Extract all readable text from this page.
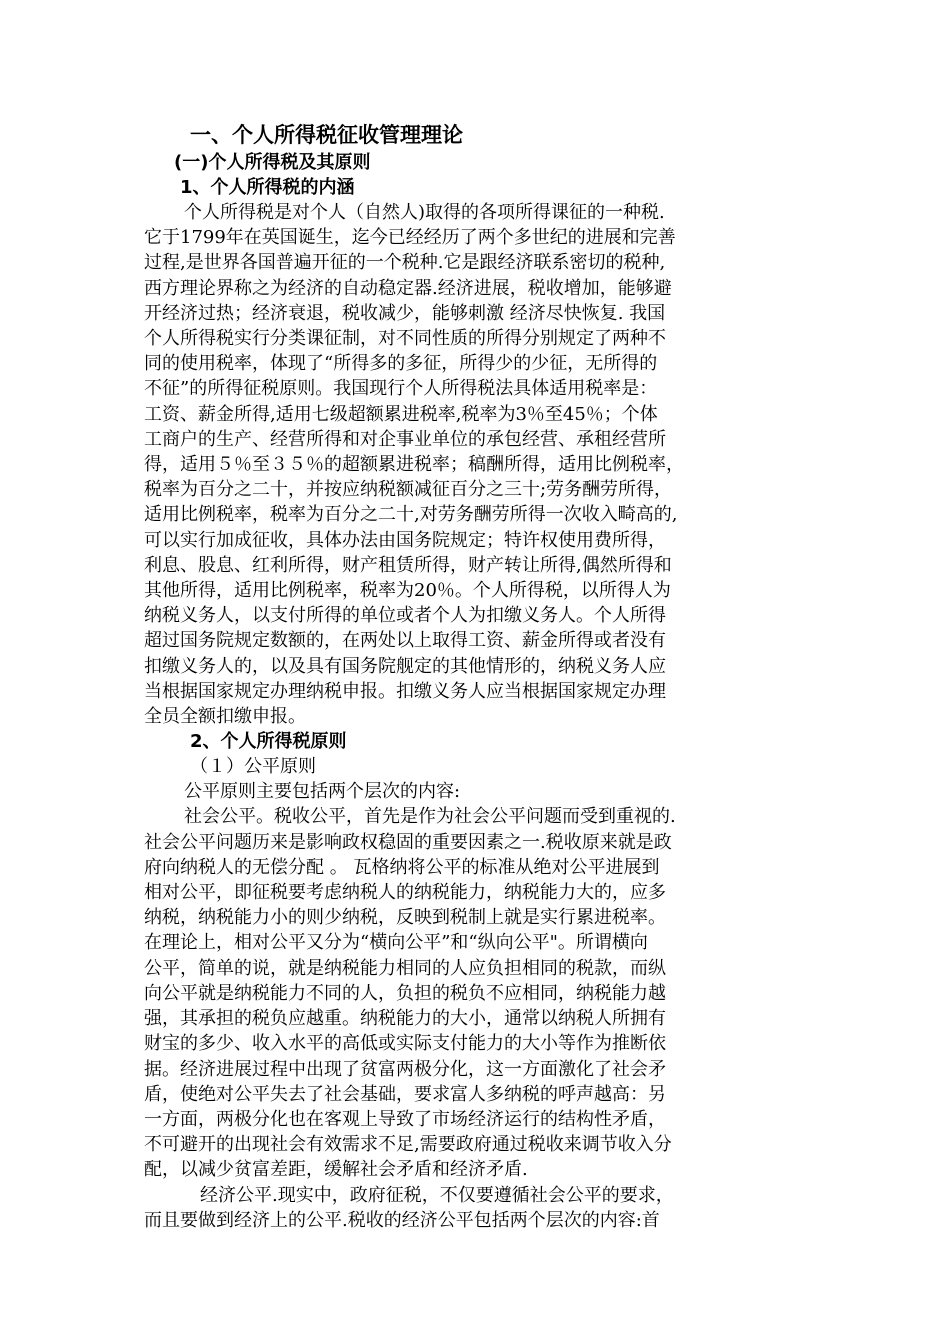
一、个人所得税征收管理理论
(一)个人所得税及其原则
1、个人所得税的内涵
个人所得税是对个人（自然人)取得的各项所得课征的一种税.
它于1799年在英国诞生，迄今已经经历了两个多世纪的进展和完善
过程,是世界各国普遍开征的一个税种.它是跟经济联系密切的税种,
西方理论界称之为经济的自动稳定器.经济进展，税收增加，能够避
开经济过热；经济衰退，税收减少，能够刺激 经济尽快恢复. 我国
个人所得税实行分类课征制，对不同性质的所得分别规定了两种不
同的使用税率，体现了“所得多的多征，所得少的少征，无所得的
不征”的所得征税原则。我国现行个人所得税法具体适用税率是：
工资、薪金所得,适用七级超额累进税率,税率为3％至45％；个体
工商户的生产、经营所得和对企事业单位的承包经营、承租经营所
得，适用５％至３５％的超额累进税率；稿酬所得，适用比例税率，
税率为百分之二十，并按应纳税额减征百分之三十;劳务酬劳所得，
适用比例税率，税率为百分之二十,对劳务酬劳所得一次收入畸高的,
可以实行加成征收，具体办法由国务院规定；特许权使用费所得，
利息、股息、红利所得，财产租赁所得，财产转让所得,偶然所得和
其他所得，适用比例税率，税率为20％。个人所得税，以所得人为
纳税义务人，以支付所得的单位或者个人为扣缴义务人。个人所得
超过国务院规定数额的，在两处以上取得工资、薪金所得或者没有
扣缴义务人的，以及具有国务院舰定的其他情形的，纳税义务人应
当根据国家规定办理纳税申报。扣缴义务人应当根据国家规定办理
全员全额扣缴申报。
2、个人所得税原则
（１）公平原则
公平原则主要包括两个层次的内容:
社会公平。税收公平，首先是作为社会公平问题而受到重视的.
社会公平问题历来是影响政权稳固的重要因素之一.税收原来就是政
府向纳税人的无偿分配 。 瓦格纳将公平的标准从绝对公平进展到
相对公平，即征税要考虑纳税人的纳税能力，纳税能力大的，应多
纳税，纳税能力小的则少纳税，反映到税制上就是实行累进税率。
在理论上，相对公平又分为“横向公平”和“纵向公平"。所谓横向
公平，简单的说，就是纳税能力相同的人应负担相同的税款，而纵
向公平就是纳税能力不同的人，负担的税负不应相同，纳税能力越
强，其承担的税负应越重。纳税能力的大小，通常以纳税人所拥有
财宝的多少、收入水平的高低或实际支付能力的大小等作为推断依
据。经济进展过程中出现了贫富两极分化，这一方面激化了社会矛
盾，使绝对公平失去了社会基础，要求富人多纳税的呼声越高：另
一方面，两极分化也在客观上导致了市场经济运行的结构性矛盾，
不可避开的出现社会有效需求不足,需要政府通过税收来调节收入分
配，以减少贫富差距，缓解社会矛盾和经济矛盾.
经济公平.现实中，政府征税，不仅要遵循社会公平的要求，
而且要做到经济上的公平.税收的经济公平包括两个层次的内容:首
